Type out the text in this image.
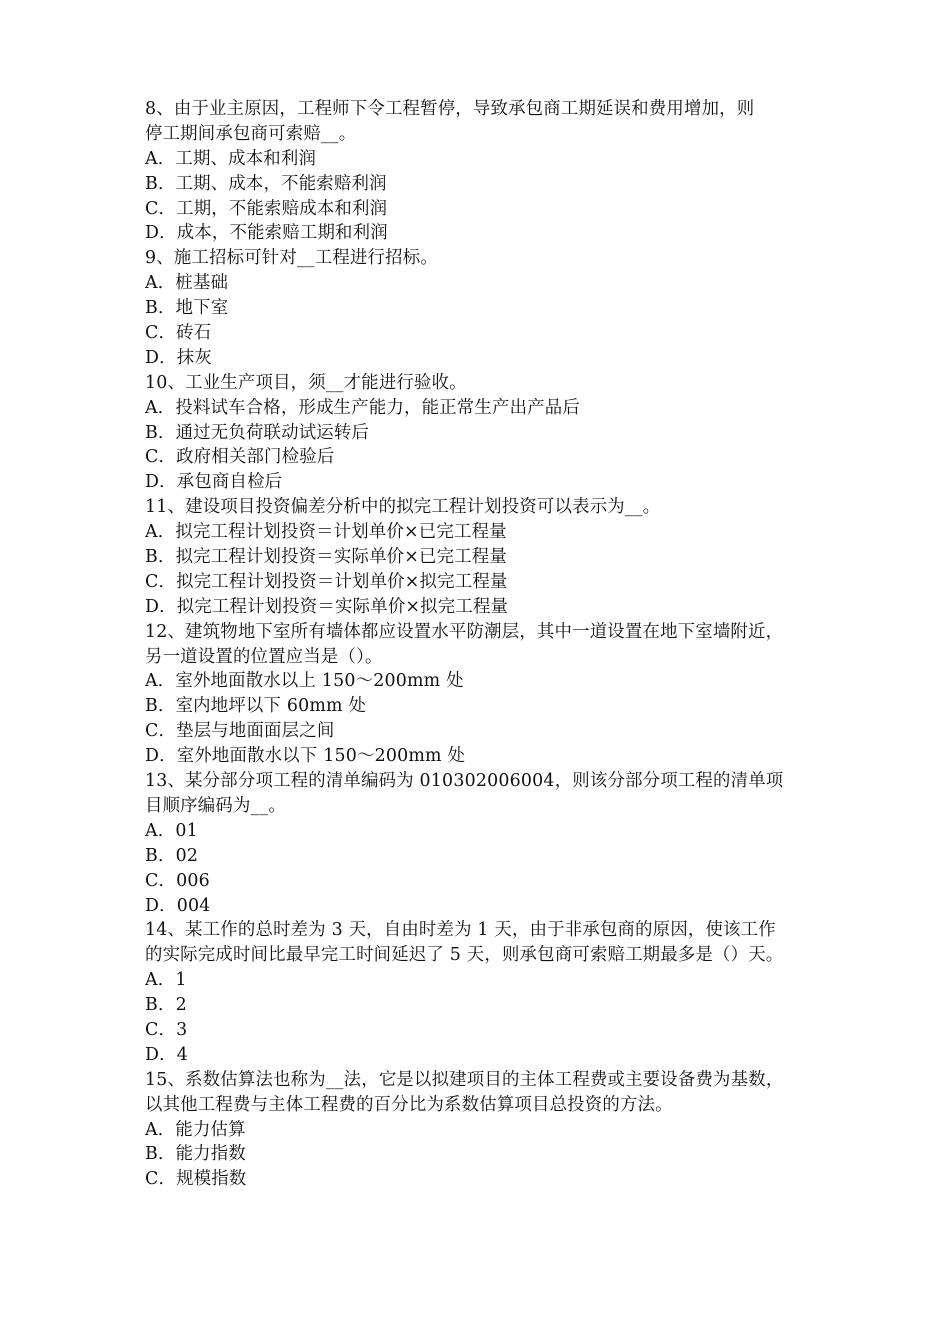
8、由于业主原因，工程师下令工程暂停，导致承包商工期延误和费用增加，则
停工期间承包商可索赔__。
A．工期、成本和利润
B．工期、成本，不能索赔利润
C．工期，不能索赔成本和利润
D．成本，不能索赔工期和利润
9、施工招标可针对__工程进行招标。
A．桩基础
B．地下室
C．砖石
D．抹灰
10、工业生产项目，须__才能进行验收。
A．投料试车合格，形成生产能力，能正常生产出产品后
B．通过无负荷联动试运转后
C．政府相关部门检验后
D．承包商自检后
11、建设项目投资偏差分析中的拟完工程计划投资可以表示为__。
A．拟完工程计划投资＝计划单价×已完工程量
B．拟完工程计划投资＝实际单价×已完工程量
C．拟完工程计划投资＝计划单价×拟完工程量
D．拟完工程计划投资＝实际单价×拟完工程量
12、建筑物地下室所有墙体都应设置水平防潮层，其中一道设置在地下室墙附近，
另一道设置的位置应当是（）。
A．室外地面散水以上 150～200mm 处
B．室内地坪以下 60mm 处
C．垫层与地面面层之间
D．室外地面散水以下 150～200mm 处
13、某分部分项工程的清单编码为 010302006004，则该分部分项工程的清单项
目顺序编码为__。
A．01
B．02
C．006
D．004
14、某工作的总时差为 3 天，自由时差为 1 天，由于非承包商的原因，使该工作
的实际完成时间比最早完工时间延迟了 5 天，则承包商可索赔工期最多是（）天。
A．1
B．2
C．3
D．4
15、系数估算法也称为__法，它是以拟建项目的主体工程费或主要设备费为基数，
以其他工程费与主体工程费的百分比为系数估算项目总投资的方法。
A．能力估算
B．能力指数
C．规模指数
